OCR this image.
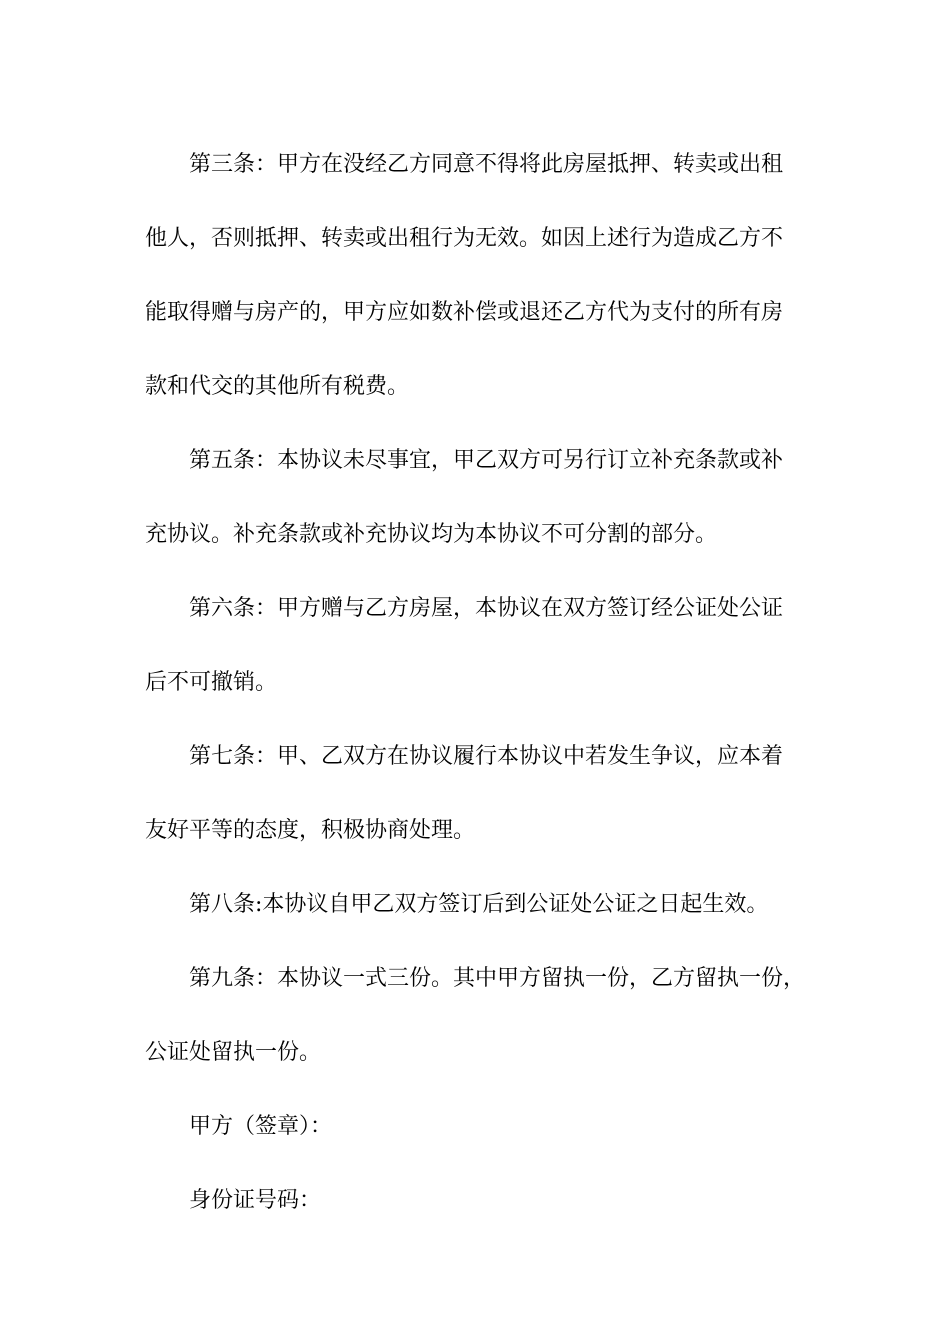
第三条：甲方在没经乙方同意不得将此房屋抵押、转卖或出租
他人，否则抵押、转卖或出租行为无效。如因上述行为造成乙方不
能取得赠与房产的，甲方应如数补偿或退还乙方代为支付的所有房
款和代交的其他所有税费。
第五条：本协议未尽事宜，甲乙双方可另行订立补充条款或补
充协议。补充条款或补充协议均为本协议不可分割的部分。
第六条：甲方赠与乙方房屋，本协议在双方签订经公证处公证
后不可撤销。
第七条：甲、乙双方在协议履行本协议中若发生争议，应本着
友好平等的态度，积极协商处理。
第八条:本协议自甲乙双方签订后到公证处公证之日起生效。
第九条：本协议一式三份。其中甲方留执一份，乙方留执一份，
公证处留执一份。
甲方（签章）：
身份证号码：
